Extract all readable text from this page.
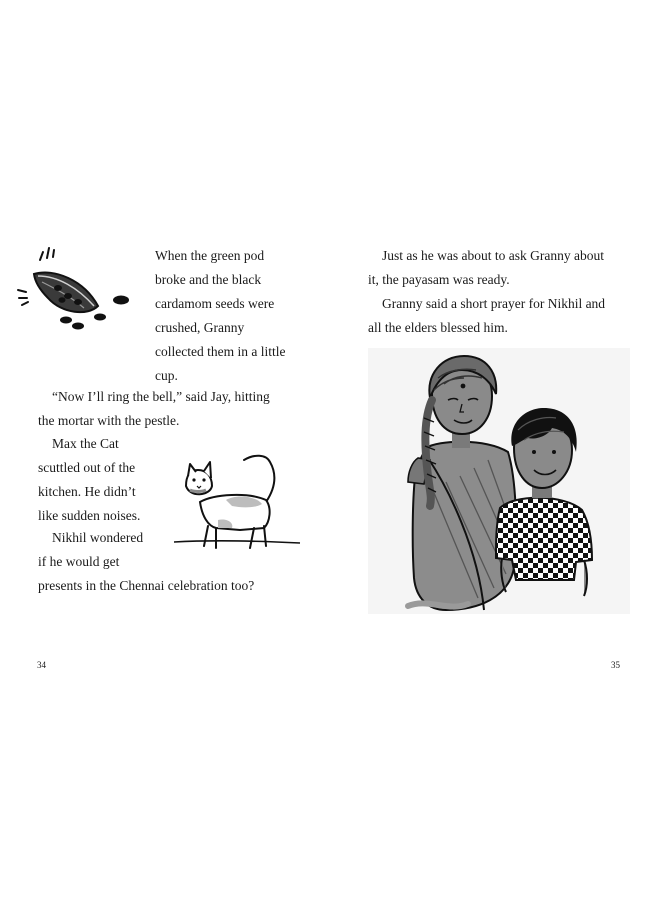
When the green pod
broke and the black
cardamom seeds were
crushed, Granny
collected them in a little
cup.
“Now I’ll ring the bell,” said Jay, hitting
the mortar with the pestle.
Max the Cat
scuttled out of the
kitchen. He didn’t
like sudden noises.
Nikhil wondered
if he would get
presents in the Chennai celebration too?
34
Just as he was about to ask Granny about
it, the payasam was ready.
Granny said a short prayer for Nikhil and
all the elders blessed him.
35
